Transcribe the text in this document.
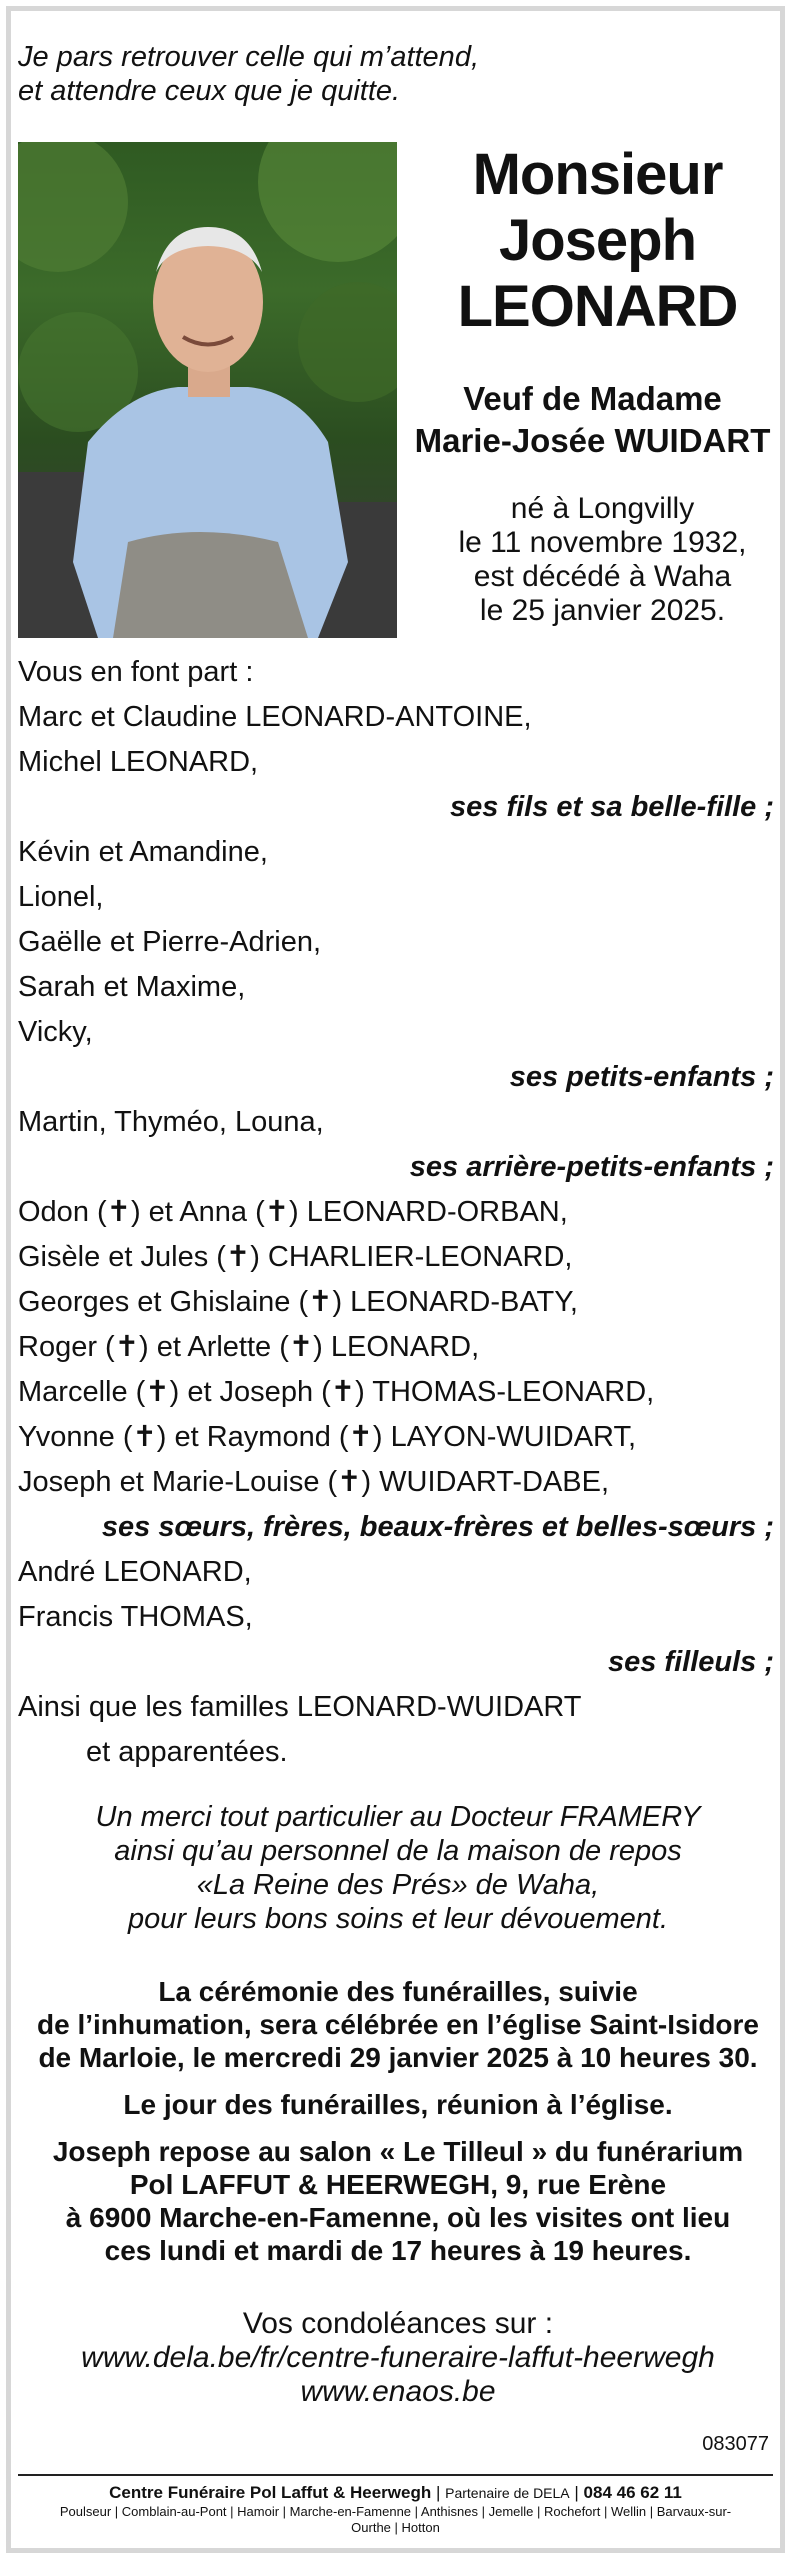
Je pars retrouver celle qui m’attend,
et attendre ceux que je quitte.
Monsieur
Joseph
LEONARD
Veuf de Madame
Marie-Josée WUIDART
né à Longvilly
le 11 novembre 1932,
est décédé à Waha
le 25 janvier 2025.
Vous en font part :
Marc et Claudine LEONARD-ANTOINE,
Michel LEONARD,
ses fils et sa belle-fille ;
Kévin et Amandine,
Lionel,
Gaëlle et Pierre-Adrien,
Sarah et Maxime,
Vicky,
ses petits-enfants ;
Martin, Thyméo, Louna,
ses arrière-petits-enfants ;
Odon (✝) et Anna (✝) LEONARD-ORBAN,
Gisèle et Jules (✝) CHARLIER-LEONARD,
Georges et Ghislaine (✝) LEONARD-BATY,
Roger (✝) et Arlette (✝) LEONARD,
Marcelle (✝) et Joseph (✝) THOMAS-LEONARD,
Yvonne (✝) et Raymond (✝) LAYON-WUIDART,
Joseph et Marie-Louise (✝) WUIDART-DABE,
ses sœurs, frères, beaux-frères et belles-sœurs ;
André LEONARD,
Francis THOMAS,
ses filleuls ;
Ainsi que les familles LEONARD-WUIDART
et apparentées.
Un merci tout particulier au Docteur FRAMERY
ainsi qu’au personnel de la maison de repos
«La Reine des Prés» de Waha,
pour leurs bons soins et leur dévouement.
La cérémonie des funérailles, suivie
de l’inhumation, sera célébrée en l’église Saint-Isidore
de Marloie, le mercredi 29 janvier 2025 à 10 heures 30.
Le jour des funérailles, réunion à l’église.
Joseph repose au salon « Le Tilleul » du funérarium
Pol LAFFUT & HEERWEGH, 9, rue Erène
à 6900 Marche-en-Famenne, où les visites ont lieu
ces lundi et mardi de 17 heures à 19 heures.
Vos condoléances sur :
www.dela.be/fr/centre-funeraire-laffut-heerwegh
www.enaos.be
083077
Centre Funéraire Pol Laffut & Heerwegh | Partenaire de DELA | 084 46 62 11
Poulseur | Comblain-au-Pont | Hamoir | Marche-en-Famenne | Anthisnes | Jemelle | Rochefort | Wellin | Barvaux-sur-Ourthe | Hotton
